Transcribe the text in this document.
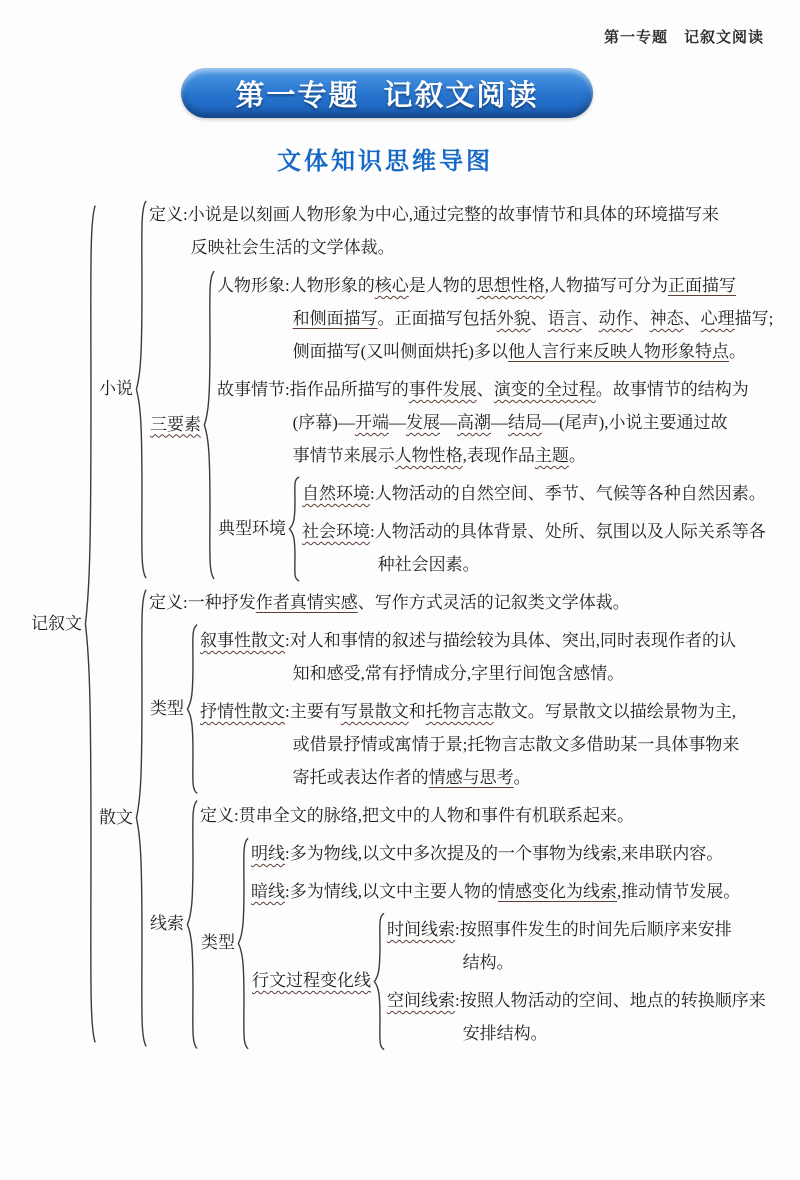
第一专题 记叙文阅读
第一专题 记叙文阅读
文体知识思维导图
记叙文
小说
定义:小说是以刻画人物形象为中心,通过完整的故事情节和具体的环境描写来
反映社会生活的文学体裁。
三要素
人物形象:人物形象的核心是人物的思想性格,人物描写可分为正面描写
和侧面描写。正面描写包括外貌、语言、动作、神态、心理描写;
侧面描写(又叫侧面烘托)多以他人言行来反映人物形象特点。
故事情节:指作品所描写的事件发展、演变的全过程。故事情节的结构为
(序幕)—开端—发展—高潮—结局—(尾声),小说主要通过故
事情节来展示人物性格,表现作品主题。
典型环境
自然环境:人物活动的自然空间、季节、气候等各种自然因素。
社会环境:人物活动的具体背景、处所、氛围以及人际关系等各
种社会因素。
散文
定义:一种抒发作者真情实感、写作方式灵活的记叙类文学体裁。
类型
叙事性散文:对人和事情的叙述与描绘较为具体、突出,同时表现作者的认
知和感受,常有抒情成分,字里行间饱含感情。
抒情性散文:主要有写景散文和托物言志散文。写景散文以描绘景物为主,
或借景抒情或寓情于景;托物言志散文多借助某一具体事物来
寄托或表达作者的情感与思考。
线索
定义:贯串全文的脉络,把文中的人物和事件有机联系起来。
类型
明线:多为物线,以文中多次提及的一个事物为线索,来串联内容。
暗线:多为情线,以文中主要人物的情感变化为线索,推动情节发展。
行文过程变化线
时间线索:按照事件发生的时间先后顺序来安排
结构。
空间线索:按照人物活动的空间、地点的转换顺序来
安排结构。
